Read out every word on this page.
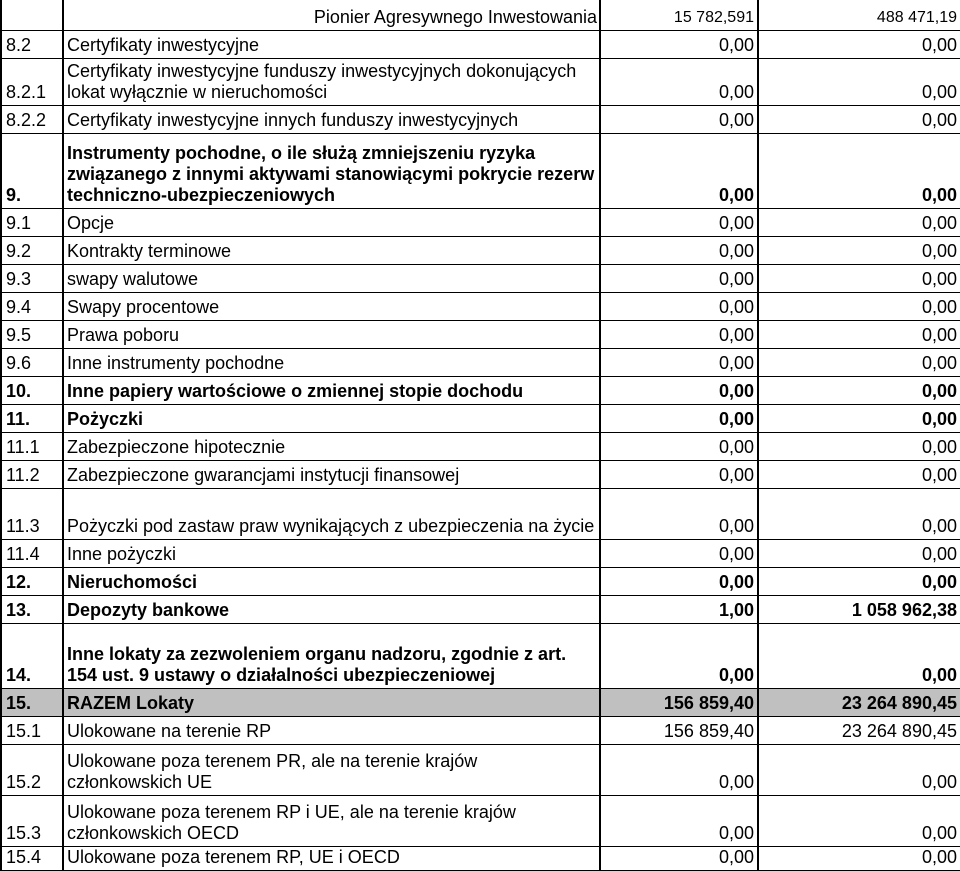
	Pionier Agresywnego Inwestowania	15 782,591	488 471,19
8.2	Certyfikaty inwestycyjne	0,00	0,00
8.2.1	Certyfikaty inwestycyjne funduszy inwestycyjnych dokonujących lokat wyłącznie w nieruchomości	0,00	0,00
8.2.2	Certyfikaty inwestycyjne innych funduszy inwestycyjnych	0,00	0,00
9.	Instrumenty pochodne, o ile służą zmniejszeniu ryzyka związanego z innymi aktywami stanowiącymi pokrycie rezerw techniczno-ubezpieczeniowych	0,00	0,00
9.1	Opcje	0,00	0,00
9.2	Kontrakty terminowe	0,00	0,00
9.3	swapy walutowe	0,00	0,00
9.4	Swapy procentowe	0,00	0,00
9.5	Prawa poboru	0,00	0,00
9.6	Inne instrumenty pochodne	0,00	0,00
10.	Inne papiery wartościowe o zmiennej stopie dochodu	0,00	0,00
11.	Pożyczki	0,00	0,00
11.1	Zabezpieczone hipotecznie	0,00	0,00
11.2	Zabezpieczone gwarancjami instytucji finansowej	0,00	0,00
11.3	Pożyczki pod zastaw praw wynikających z ubezpieczenia na życie	0,00	0,00
11.4	Inne pożyczki	0,00	0,00
12.	Nieruchomości	0,00	0,00
13.	Depozyty bankowe	1,00	1 058 962,38
14.	Inne lokaty za zezwoleniem organu nadzoru, zgodnie z art. 154 ust. 9 ustawy o działalności ubezpieczeniowej	0,00	0,00
15.	RAZEM Lokaty	156 859,40	23 264 890,45
15.1	Ulokowane na terenie RP	156 859,40	23 264 890,45
15.2	Ulokowane poza terenem PR, ale na terenie krajów członkowskich UE	0,00	0,00
15.3	Ulokowane poza terenem RP i UE, ale na terenie krajów członkowskich OECD	0,00	0,00
15.4	Ulokowane poza terenem RP, UE i OECD	0,00	0,00
